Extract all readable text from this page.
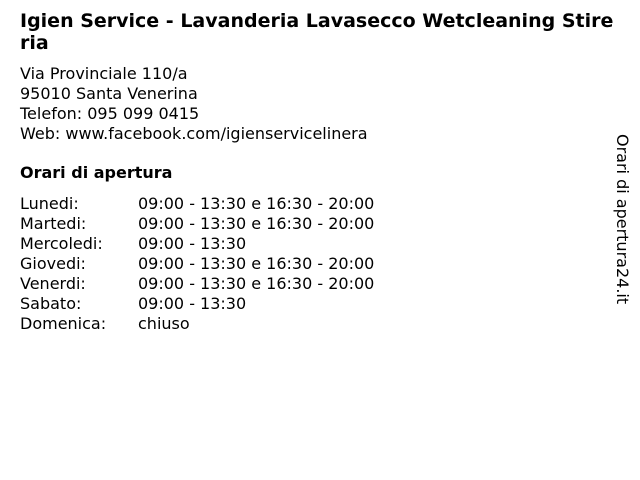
Igien Service - Lavanderia Lavasecco Wetcleaning Stireria
Via Provinciale 110/a
95010 Santa Venerina
Telefon: 095 099 0415
Web: www.facebook.com/igienservicelinera
Orari di apertura
Lunedi:	09:00 - 13:30 e 16:30 - 20:00
Martedi:	09:00 - 13:30 e 16:30 - 20:00
Mercoledi:	09:00 - 13:30
Giovedi:	09:00 - 13:30 e 16:30 - 20:00
Venerdi:	09:00 - 13:30 e 16:30 - 20:00
Sabato:	09:00 - 13:30
Domenica:	chiuso
Orari di apertura24.it
